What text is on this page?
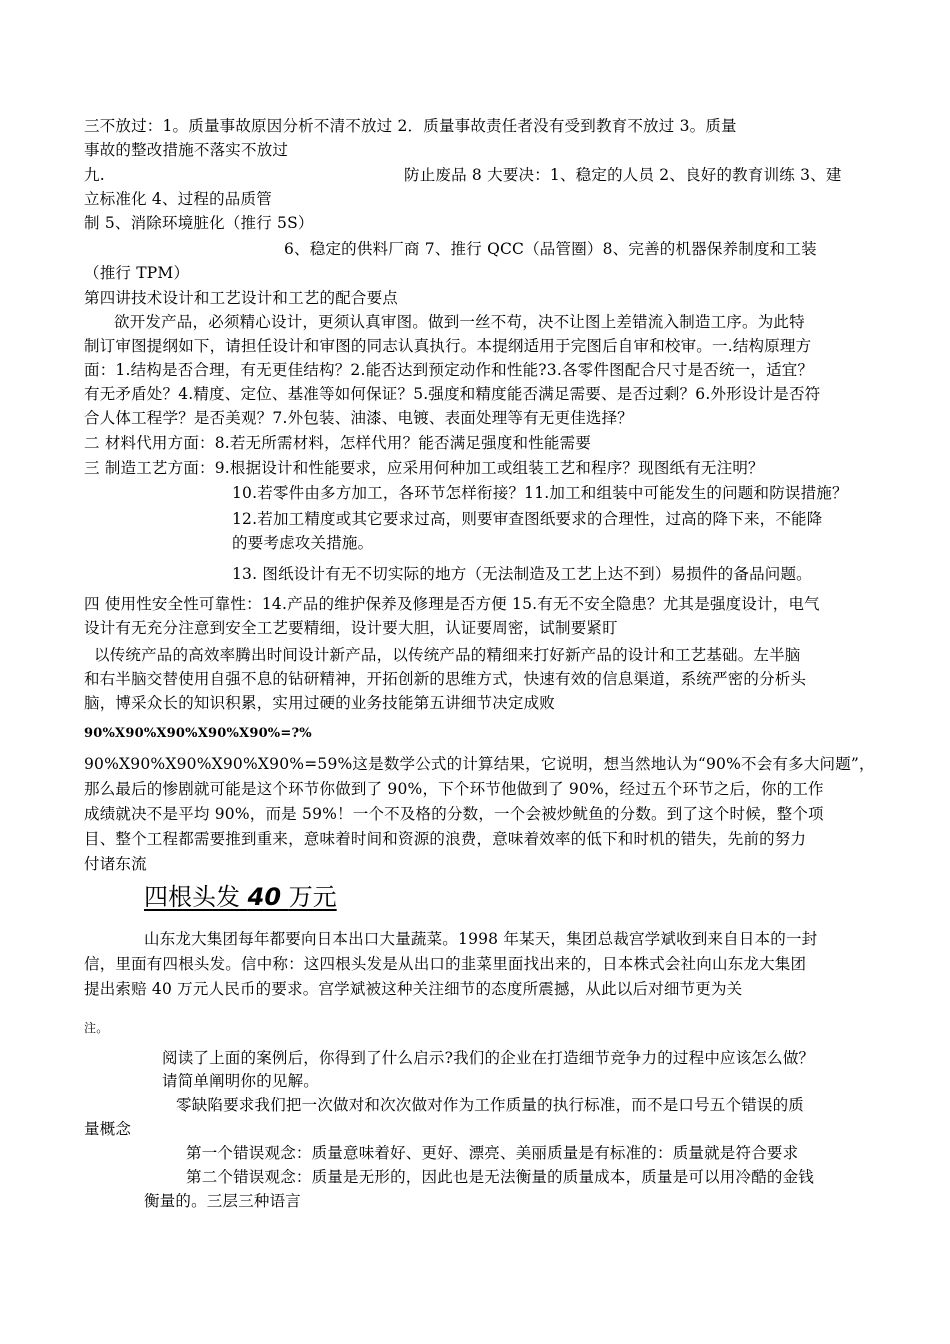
三不放过：1。质量事故原因分析不清不放过 2．质量事故责任者没有受到教育不放过 3。质量
事故的整改措施不落实不放过
九.	防止废品 8 大要决：1、稳定的人员 2、良好的教育训练 3、建
立标准化 4、过程的品质管
制 5、消除环境脏化（推行 5S）
6、稳定的供料厂商 7、推行 QCC（品管圈）8、完善的机器保养制度和工装
（推行 TPM）
第四讲技术设计和工艺设计和工艺的配合要点
欲开发产品，必须精心设计，更须认真审图。做到一丝不苟，决不让图上差错流入制造工序。为此特
制订审图提纲如下，请担任设计和审图的同志认真执行。本提纲适用于完图后自审和校审。一.结构原理方
面：1.结构是否合理，有无更佳结构？2.能否达到预定动作和性能?3.各零件图配合尺寸是否统一，适宜？
有无矛盾处？4.精度、定位、基准等如何保证？5.强度和精度能否满足需要、是否过剩？6.外形设计是否符
合人体工程学？是否美观？7.外包装、油漆、电镀、表面处理等有无更佳选择？
二 材料代用方面：8.若无所需材料，怎样代用？能否满足强度和性能需要
三 制造工艺方面：9.根据设计和性能要求，应采用何种加工或组装工艺和程序？现图纸有无注明？
10.若零件由多方加工，各环节怎样衔接？11.加工和组装中可能发生的问题和防误措施？
12.若加工精度或其它要求过高，则要审查图纸要求的合理性，过高的降下来，不能降
的要考虑攻关措施。
13. 图纸设计有无不切实际的地方（无法制造及工艺上达不到）易损件的备品问题。
四 使用性安全性可靠性：14.产品的维护保养及修理是否方便 15.有无不安全隐患？尤其是强度设计，电气
设计有无充分注意到安全工艺要精细，设计要大胆，认证要周密，试制要紧盯
以传统产品的高效率腾出时间设计新产品，以传统产品的精细来打好新产品的设计和工艺基础。左半脑
和右半脑交替使用自强不息的钻研精神，开拓创新的思维方式，快速有效的信息渠道，系统严密的分析头
脑，博采众长的知识积累，实用过硬的业务技能第五讲细节决定成败
90%X90%X90%X90%X90%=?%
90%X90%X90%X90%X90%=59%这是数学公式的计算结果，它说明，想当然地认为“90%不会有多大问题”，
那么最后的惨剧就可能是这个环节你做到了 90%，下个环节他做到了 90%，经过五个环节之后，你的工作
成绩就决不是平均 90%，而是 59%！一个不及格的分数，一个会被炒鱿鱼的分数。到了这个时候，整个项
目、整个工程都需要推到重来，意味着时间和资源的浪费，意味着效率的低下和时机的错失，先前的努力
付诸东流
四根头发 40 万元
山东龙大集团每年都要向日本出口大量蔬菜。1998 年某天，集团总裁宫学斌收到来自日本的一封
信，里面有四根头发。信中称：这四根头发是从出口的韭菜里面找出来的，日本株式会社向山东龙大集团
提出索赔 40 万元人民币的要求。宫学斌被这种关注细节的态度所震撼，从此以后对细节更为关
注。
阅读了上面的案例后，你得到了什么启示?我们的企业在打造细节竞争力的过程中应该怎么做？
请简单阐明你的见解。
零缺陷要求我们把一次做对和次次做对作为工作质量的执行标准，而不是口号五个错误的质
量概念
第一个错误观念：质量意味着好、更好、漂亮、美丽质量是有标准的：质量就是符合要求
第二个错误观念：质量是无形的，因此也是无法衡量的质量成本，质量是可以用冷酷的金钱
衡量的。三层三种语言
